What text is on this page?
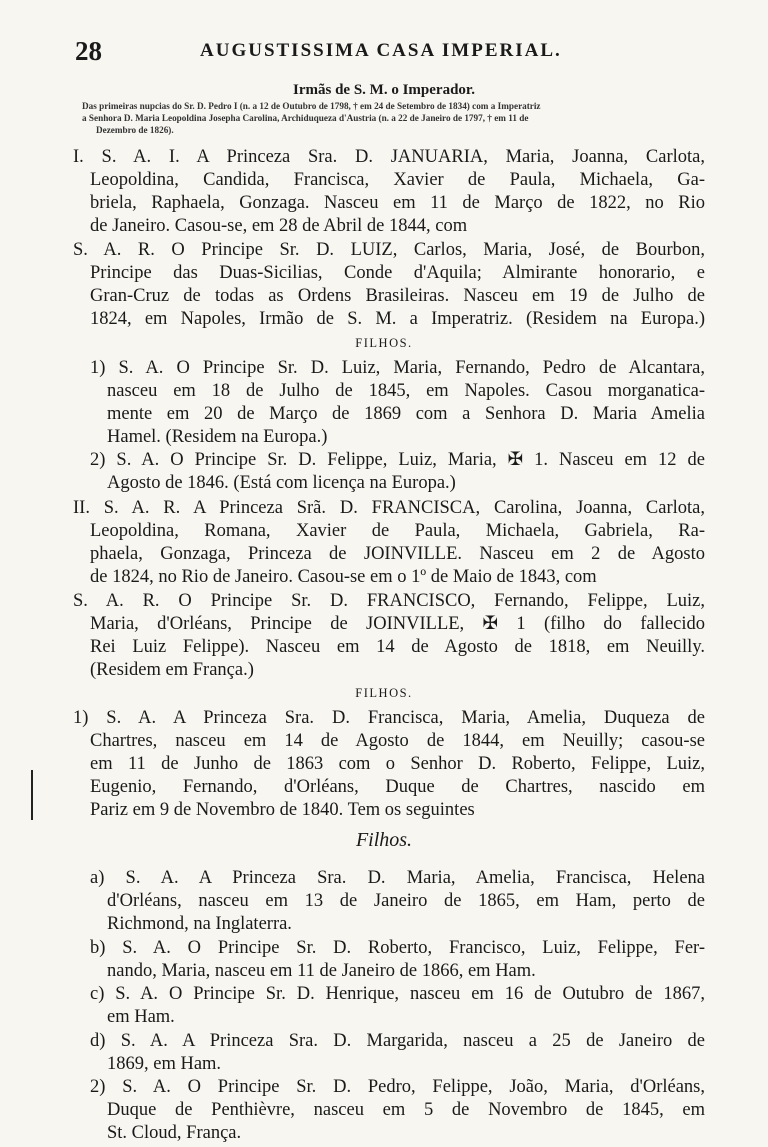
28	AUGUSTISSIMA CASA IMPERIAL.
Irmãs de S. M. o Imperador.
Das primeiras nupcias do Sr. D. Pedro I (n. a 12 de Outubro de 1798, † em 24 de Setembro de 1834) com a Imperatriz
a Senhora D. Maria Leopoldina Josepha Carolina, Archiduqueza d'Austria (n. a 22 de Janeiro de 1797, † em 11 de
Dezembro de 1826).
I. S. A. I. A Princeza Sra. D. JANUARIA, Maria, Joanna, Carlota,
Leopoldina, Candida, Francisca, Xavier de Paula, Michaela, Ga-
briela, Raphaela, Gonzaga. Nasceu em 11 de Março de 1822, no Rio
de Janeiro. Casou-se, em 28 de Abril de 1844, com
S. A. R. O Principe Sr. D. LUIZ, Carlos, Maria, José, de Bourbon,
Principe das Duas-Sicilias, Conde d'Aquila; Almirante honorario, e
Gran-Cruz de todas as Ordens Brasileiras. Nasceu em 19 de Julho de
1824, em Napoles, Irmão de S. M. a Imperatriz. (Residem na Europa.)
FILHOS.
1) S. A. O Principe Sr. D. Luiz, Maria, Fernando, Pedro de Alcantara,
nasceu em 18 de Julho de 1845, em Napoles. Casou morganatica-
mente em 20 de Março de 1869 com a Senhora D. Maria Amelia
Hamel. (Residem na Europa.)
2) S. A. O Principe Sr. D. Felippe, Luiz, Maria, ✠ 1. Nasceu em 12 de
Agosto de 1846. (Está com licença na Europa.)
II. S. A. R. A Princeza Srã. D. FRANCISCA, Carolina, Joanna, Carlota,
Leopoldina, Romana, Xavier de Paula, Michaela, Gabriela, Ra-
phaela, Gonzaga, Princeza de JOINVILLE. Nasceu em 2 de Agosto
de 1824, no Rio de Janeiro. Casou-se em o 1º de Maio de 1843, com
S. A. R. O Principe Sr. D. FRANCISCO, Fernando, Felippe, Luiz,
Maria, d'Orléans, Principe de JOINVILLE, ✠ 1 (filho do fallecido
Rei Luiz Felippe). Nasceu em 14 de Agosto de 1818, em Neuilly.
(Residem em França.)
FILHOS.
1) S. A. A Princeza Sra. D. Francisca, Maria, Amelia, Duqueza de
Chartres, nasceu em 14 de Agosto de 1844, em Neuilly; casou-se
em 11 de Junho de 1863 com o Senhor D. Roberto, Felippe, Luiz,
Eugenio, Fernando, d'Orléans, Duque de Chartres, nascido em
Pariz em 9 de Novembro de 1840. Tem os seguintes
Filhos.
a) S. A. A Princeza Sra. D. Maria, Amelia, Francisca, Helena
d'Orléans, nasceu em 13 de Janeiro de 1865, em Ham, perto de
Richmond, na Inglaterra.
b) S. A. O Principe Sr. D. Roberto, Francisco, Luiz, Felippe, Fer-
nando, Maria, nasceu em 11 de Janeiro de 1866, em Ham.
c) S. A. O Principe Sr. D. Henrique, nasceu em 16 de Outubro de 1867,
em Ham.
d) S. A. A Princeza Sra. D. Margarida, nasceu a 25 de Janeiro de
1869, em Ham.
2) S. A. O Principe Sr. D. Pedro, Felippe, João, Maria, d'Orléans,
Duque de Penthièvre, nasceu em 5 de Novembro de 1845, em
St. Cloud, França.
